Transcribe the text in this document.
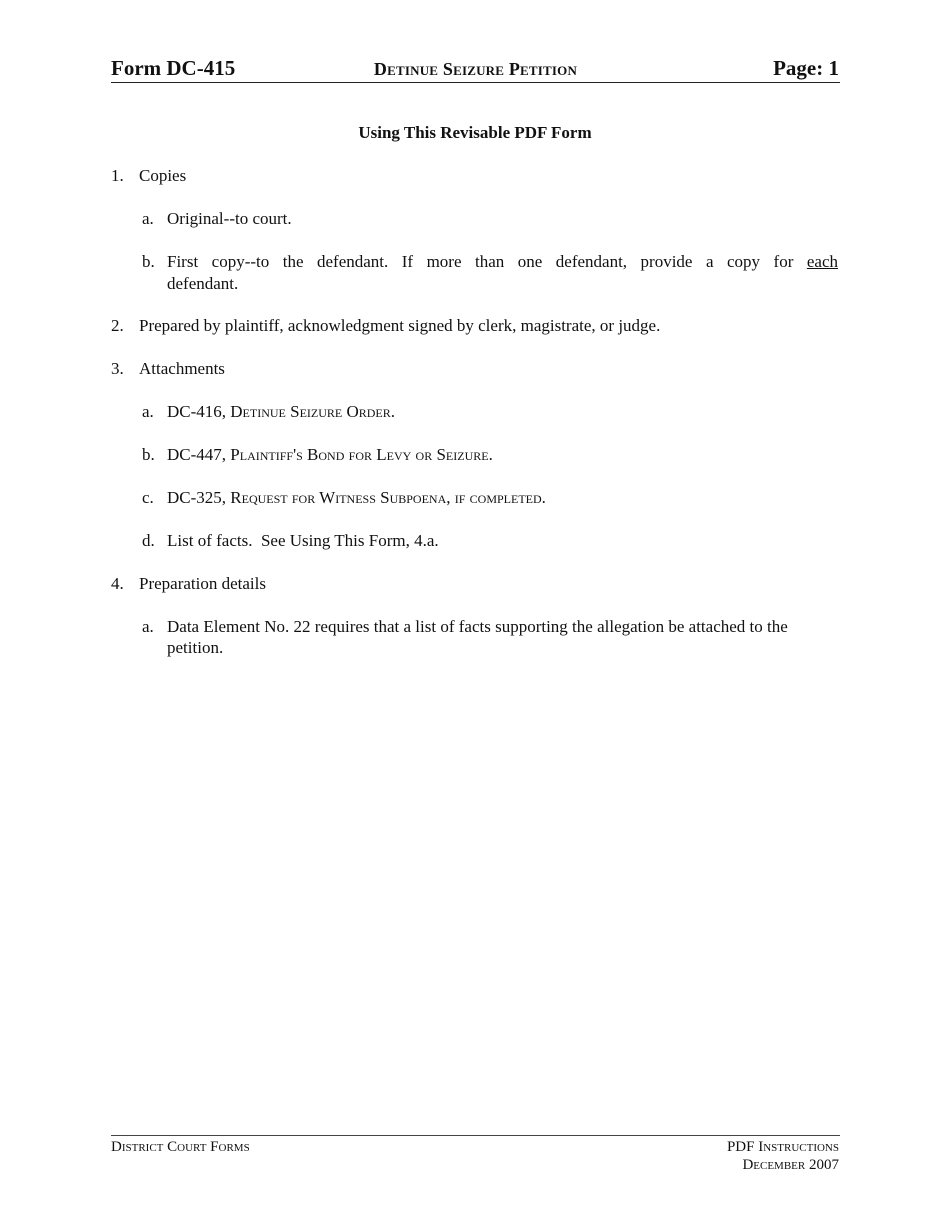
Form DC-415	Detinue Seizure Petition	Page: 1
Using This Revisable PDF Form
1. Copies
a. Original--to court.
b. First copy--to the defendant. If more than one defendant, provide a copy for each
defendant.
2. Prepared by plaintiff, acknowledgment signed by clerk, magistrate, or judge.
3. Attachments
a. DC-416, Detinue Seizure Order.
b. DC-447, Plaintiff's Bond for Levy or Seizure.
c. DC-325, Request for Witness Subpoena, if completed.
d. List of facts.  See Using This Form, 4.a.
4. Preparation details
a. Data Element No. 22 requires that a list of facts supporting the allegation be attached to the
petition.
District Court Forms	PDF Instructions
December 2007
